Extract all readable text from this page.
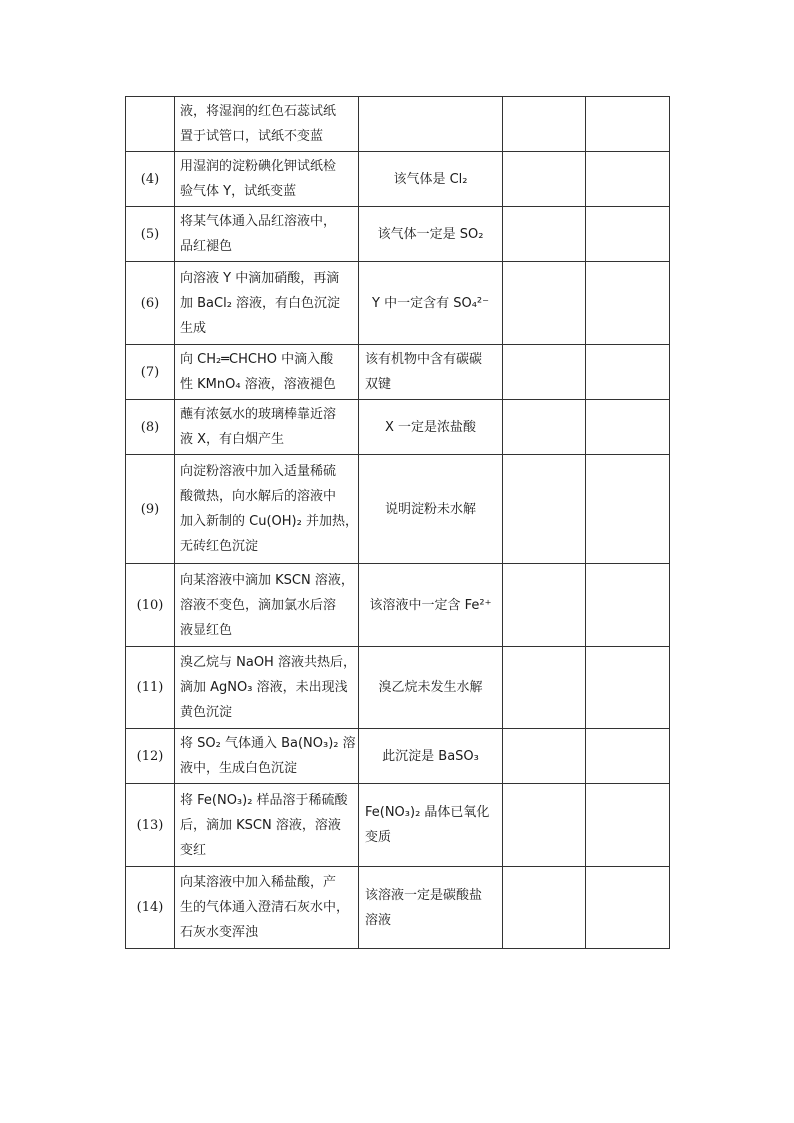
	液，将湿润的红色石蕊试纸
置于试管口，试纸不变蓝			

(4)	用湿润的淀粉碘化钾试纸检
验气体 Y，试纸变蓝	该气体是 Cl₂		

(5)	将某气体通入品红溶液中，
品红褪色	该气体一定是 SO₂		

(6)	向溶液 Y 中滴加硝酸，再滴
加 BaCl₂ 溶液，有白色沉淀
生成	Y 中一定含有 SO₄²⁻		

(7)	向 CH₂═CHCHO 中滴入酸
性 KMnO₄ 溶液，溶液褪色	该有机物中含有碳碳
双键		

(8)	蘸有浓氨水的玻璃棒靠近溶
液 X，有白烟产生	X 一定是浓盐酸		

(9)	向淀粉溶液中加入适量稀硫
酸微热，向水解后的溶液中
加入新制的 Cu(OH)₂ 并加热，
无砖红色沉淀	说明淀粉未水解		

(10)	向某溶液中滴加 KSCN 溶液，
溶液不变色，滴加氯水后溶
液显红色	该溶液中一定含 Fe²⁺		

(11)	溴乙烷与 NaOH 溶液共热后，
滴加 AgNO₃ 溶液，未出现浅
黄色沉淀	溴乙烷未发生水解		

(12)	将 SO₂ 气体通入 Ba(NO₃)₂ 溶
液中，生成白色沉淀	此沉淀是 BaSO₃		

(13)	将 Fe(NO₃)₂ 样品溶于稀硫酸
后，滴加 KSCN 溶液，溶液
变红	Fe(NO₃)₂ 晶体已氧化
变质		

(14)	向某溶液中加入稀盐酸，产
生的气体通入澄清石灰水中，
石灰水变浑浊	该溶液一定是碳酸盐
溶液		
